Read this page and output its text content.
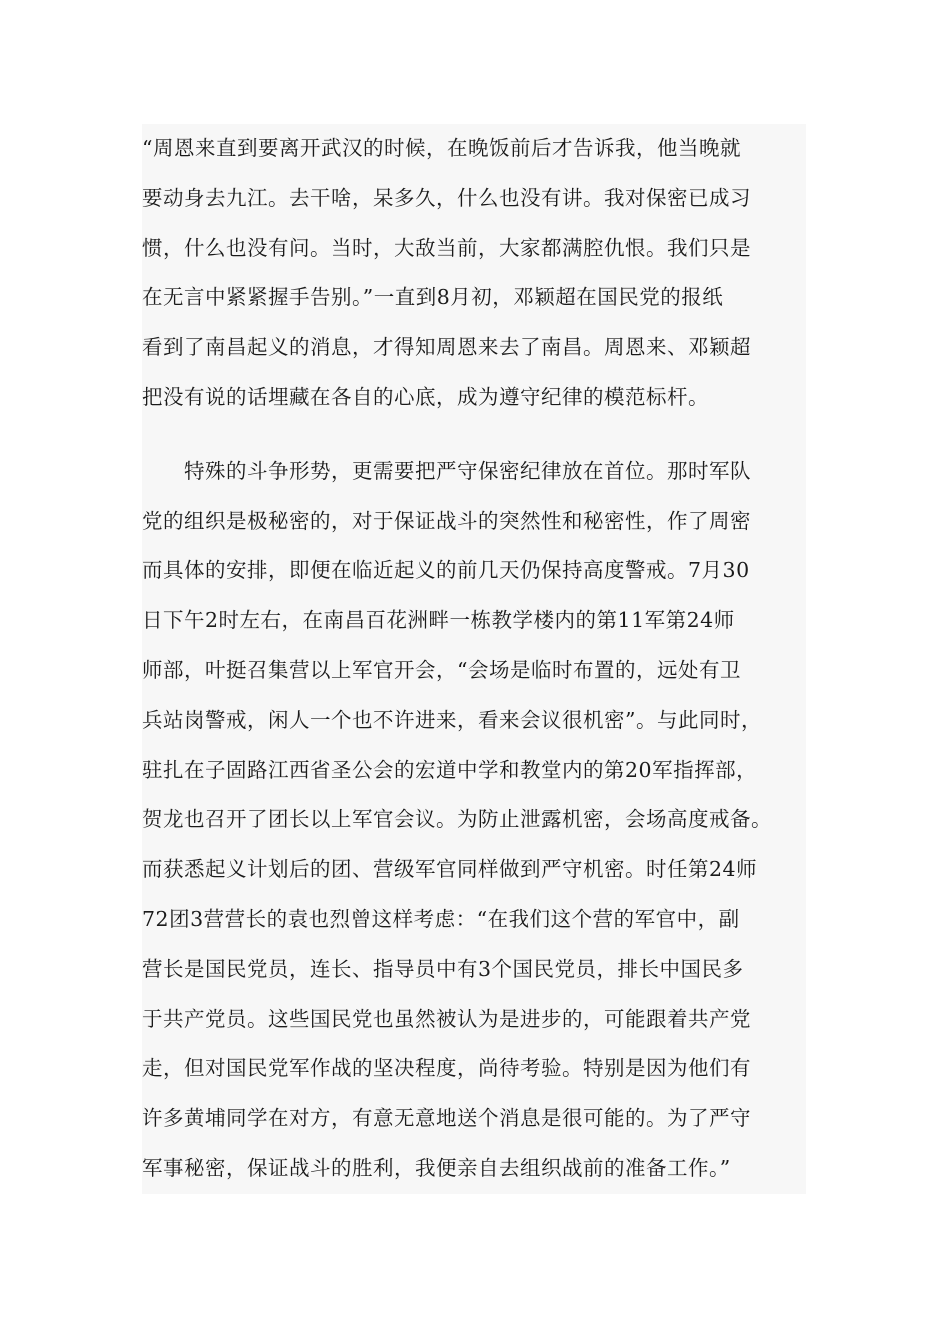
“周恩来直到要离开武汉的时候，在晚饭前后才告诉我，他当晚就
要动身去九江。去干啥，呆多久，什么也没有讲。我对保密已成习
惯，什么也没有问。当时，大敌当前，大家都满腔仇恨。我们只是
在无言中紧紧握手告别。”一直到8月初，邓颖超在国民党的报纸
看到了南昌起义的消息，才得知周恩来去了南昌。周恩来、邓颖超
把没有说的话埋藏在各自的心底，成为遵守纪律的模范标杆。
特殊的斗争形势，更需要把严守保密纪律放在首位。那时军队
党的组织是极秘密的，对于保证战斗的突然性和秘密性，作了周密
而具体的安排，即便在临近起义的前几天仍保持高度警戒。7月30
日下午2时左右，在南昌百花洲畔一栋教学楼内的第11军第24师
师部，叶挺召集营以上军官开会，“会场是临时布置的，远处有卫
兵站岗警戒，闲人一个也不许进来，看来会议很机密”。与此同时，
驻扎在子固路江西省圣公会的宏道中学和教堂内的第20军指挥部，
贺龙也召开了团长以上军官会议。为防止泄露机密，会场高度戒备。
而获悉起义计划后的团、营级军官同样做到严守机密。时任第24师
72团3营营长的袁也烈曾这样考虑：“在我们这个营的军官中，副
营长是国民党员，连长、指导员中有3个国民党员，排长中国民多
于共产党员。这些国民党也虽然被认为是进步的，可能跟着共产党
走，但对国民党军作战的坚决程度，尚待考验。特别是因为他们有
许多黄埔同学在对方，有意无意地送个消息是很可能的。为了严守
军事秘密，保证战斗的胜利，我便亲自去组织战前的准备工作。”
